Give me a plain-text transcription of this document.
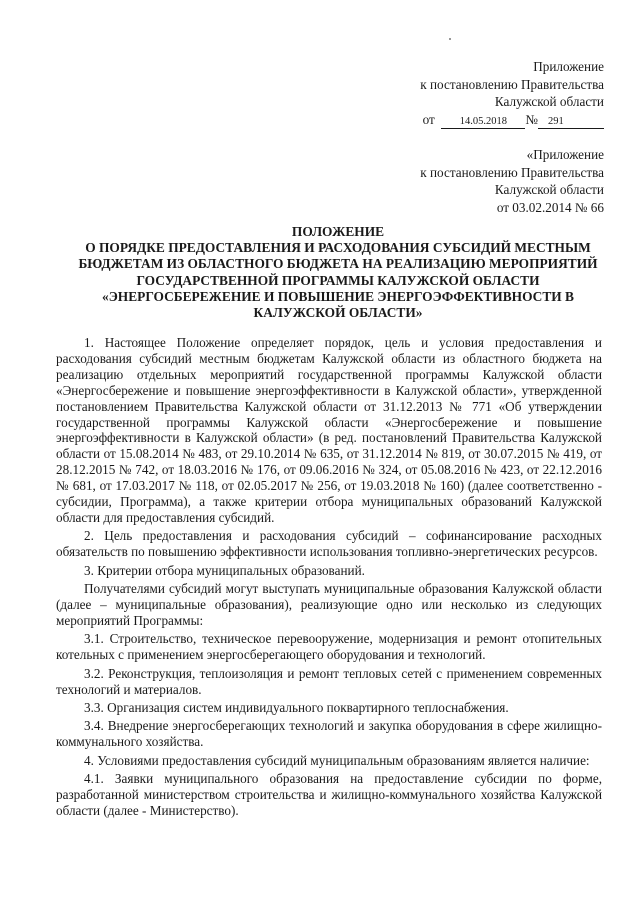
Приложение
к постановлению Правительства
Калужской области
от 14.05.2018 № 291
«Приложение
к постановлению Правительства
Калужской области
от 03.02.2014 № 66
ПОЛОЖЕНИЕ
О ПОРЯДКЕ ПРЕДОСТАВЛЕНИЯ И РАСХОДОВАНИЯ СУБСИДИЙ МЕСТНЫМ
БЮДЖЕТАМ ИЗ ОБЛАСТНОГО БЮДЖЕТА НА РЕАЛИЗАЦИЮ МЕРОПРИЯТИЙ
ГОСУДАРСТВЕННОЙ ПРОГРАММЫ КАЛУЖСКОЙ ОБЛАСТИ
«ЭНЕРГОСБЕРЕЖЕНИЕ И ПОВЫШЕНИЕ ЭНЕРГОЭФФЕКТИВНОСТИ В
КАЛУЖСКОЙ ОБЛАСТИ»

1. Настоящее Положение определяет порядок, цель и условия предоставления и расходования субсидий местным бюджетам Калужской области из областного бюджета на реализацию отдельных мероприятий государственной программы Калужской области «Энергосбережение и повышение энергоэффективности в Калужской области», утвержденной постановлением Правительства Калужской области от 31.12.2013 № 771 «Об утверждении государственной программы Калужской области «Энергосбережение и повышение энергоэффективности в Калужской области» (в ред. постановлений Правительства Калужской области от 15.08.2014 № 483, от 29.10.2014 № 635, от 31.12.2014 № 819, от 30.07.2015 № 419, от 28.12.2015 № 742, от 18.03.2016 № 176, от 09.06.2016 № 324, от 05.08.2016 № 423, от 22.12.2016 № 681, от 17.03.2017 № 118, от 02.05.2017 № 256, от 19.03.2018 № 160) (далее соответственно - субсидии, Программа), а также критерии отбора муниципальных образований Калужской области для предоставления субсидий.

2. Цель предоставления и расходования субсидий – софинансирование расходных обязательств по повышению эффективности использования топливно-энергетических ресурсов.

3. Критерии отбора муниципальных образований.

Получателями субсидий могут выступать муниципальные образования Калужской области (далее – муниципальные образования), реализующие одно или несколько из следующих мероприятий Программы:

3.1. Строительство, техническое перевооружение, модернизация и ремонт отопительных котельных с применением энергосберегающего оборудования и технологий.

3.2. Реконструкция, теплоизоляция и ремонт тепловых сетей с применением современных технологий и материалов.

3.3. Организация систем индивидуального поквартирного теплоснабжения.

3.4. Внедрение энергосберегающих технологий и закупка оборудования в сфере жилищно-коммунального хозяйства.

4. Условиями предоставления субсидий муниципальным образованиям является наличие:

4.1. Заявки муниципального образования на предоставление субсидии по форме, разработанной министерством строительства и жилищно-коммунального хозяйства Калужской области (далее - Министерство).
